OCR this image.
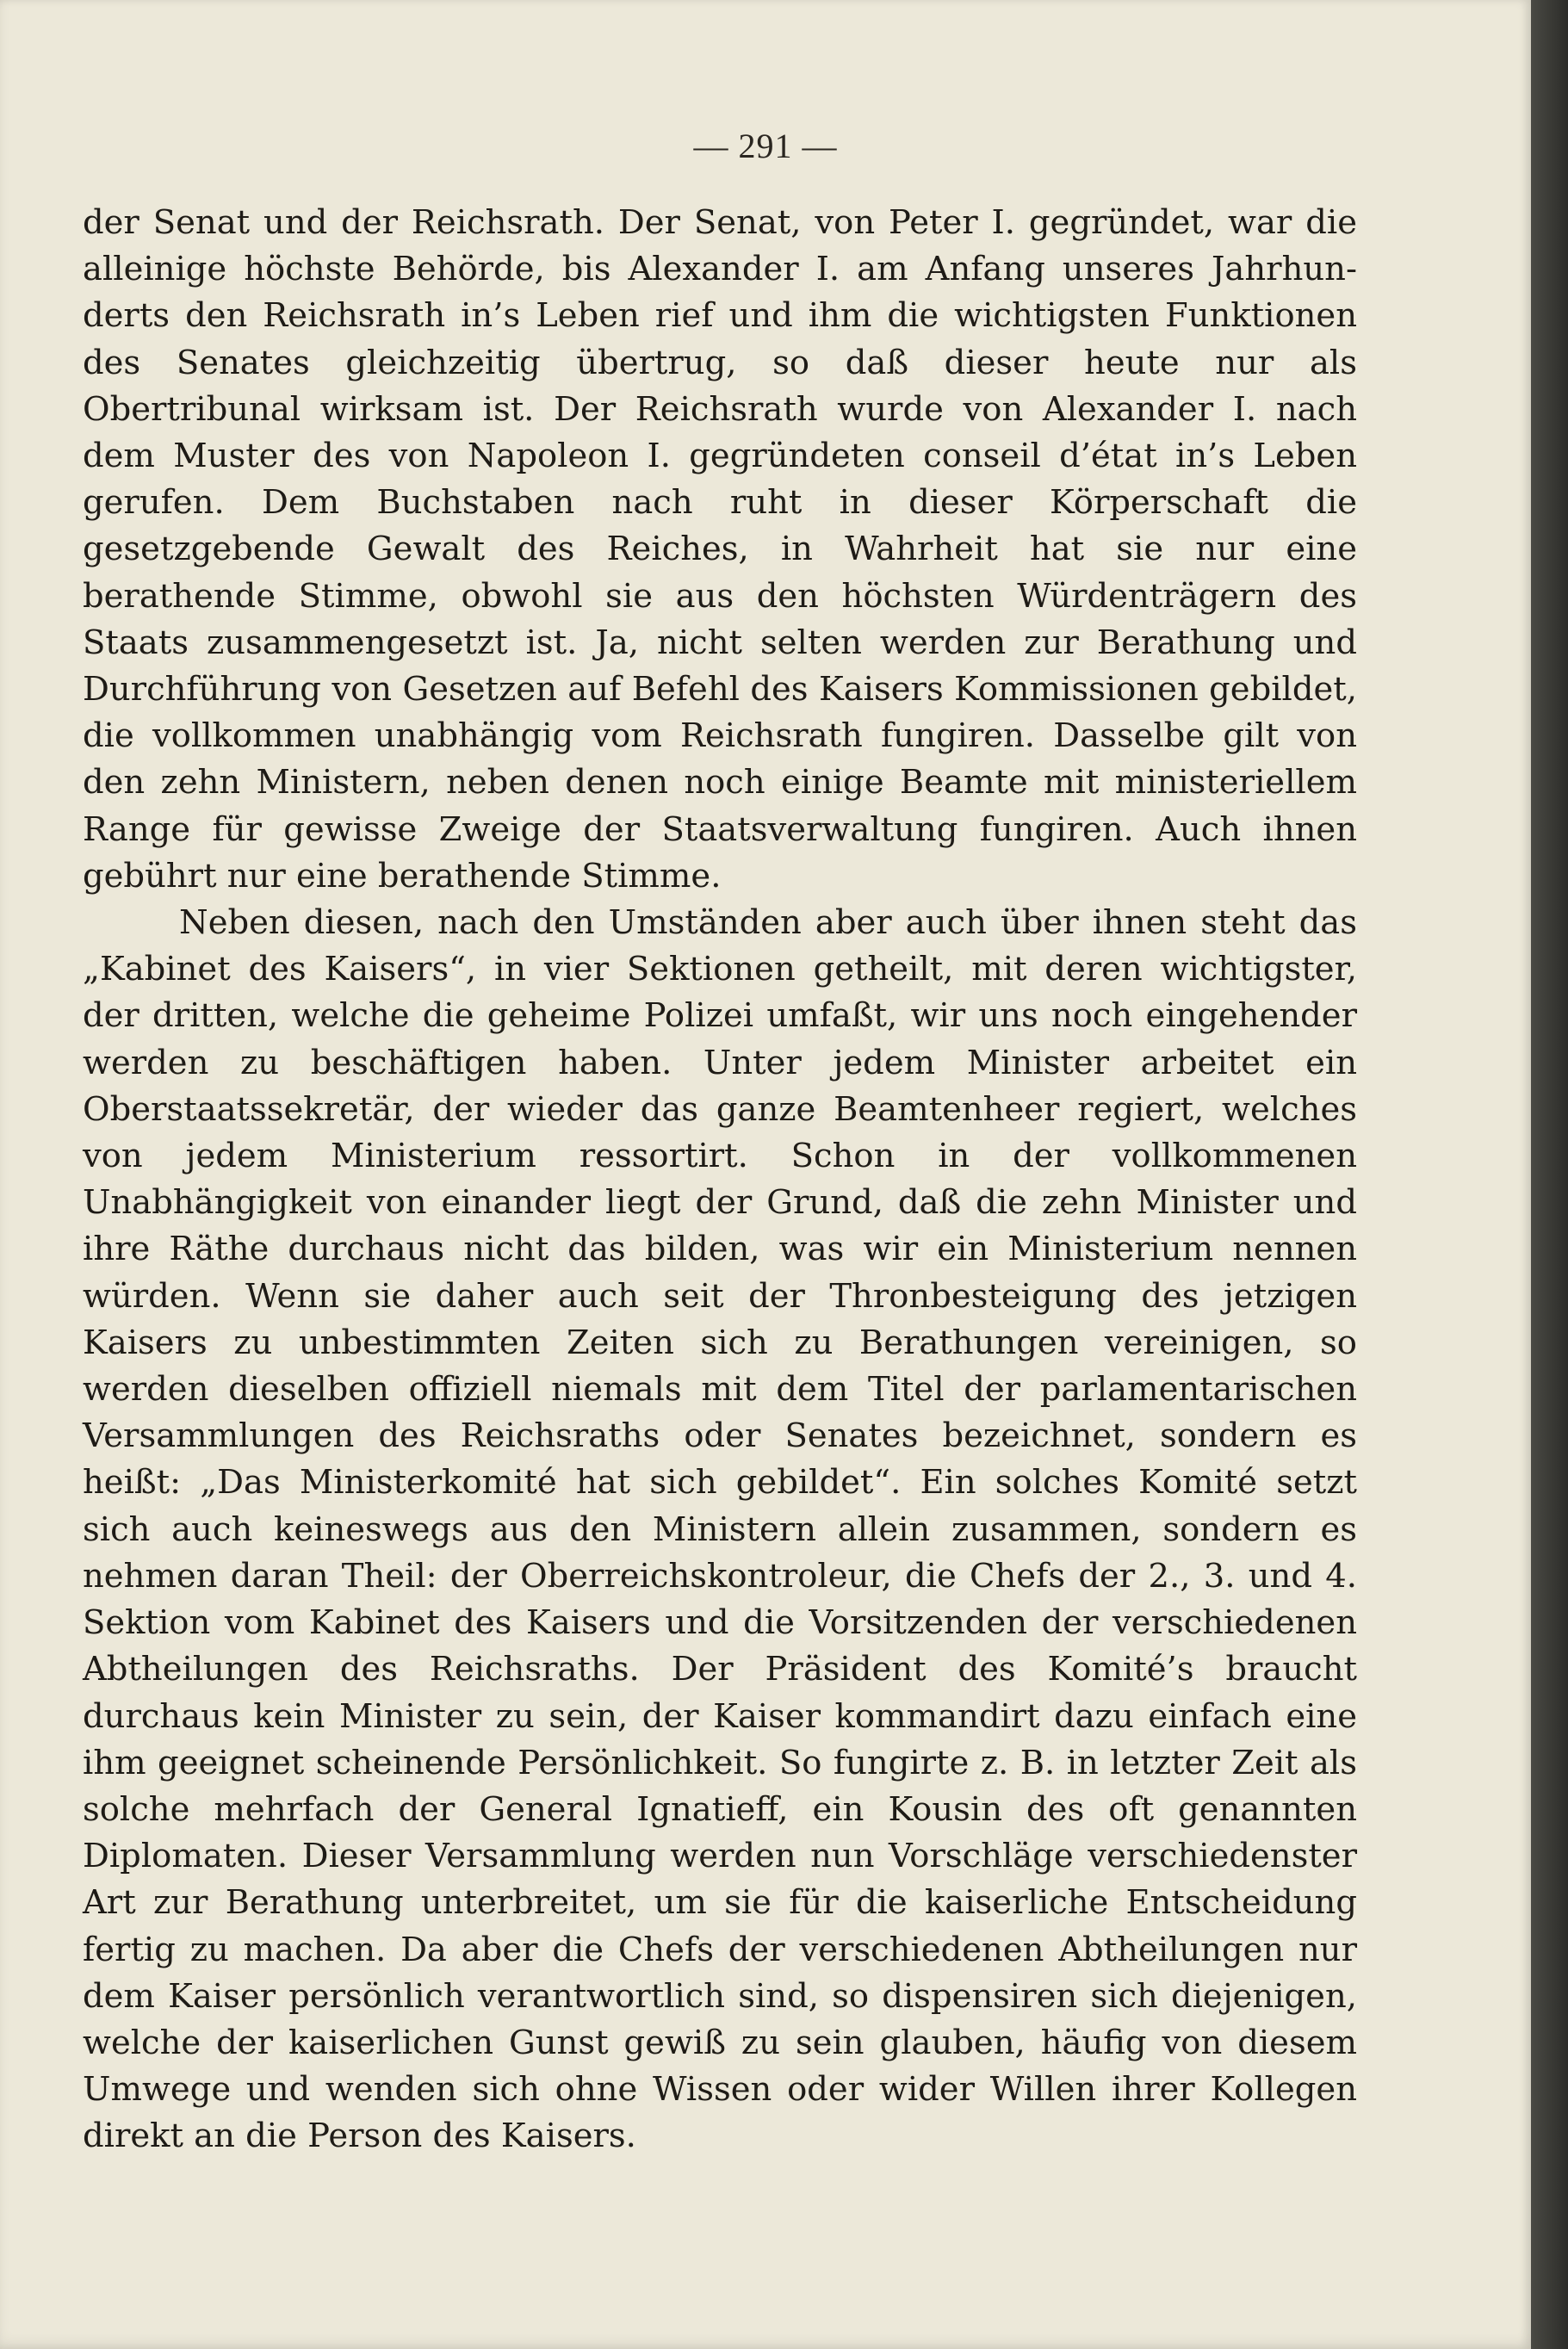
— 291 —

der Senat und der Reichsrath. Der Senat, von Peter I. gegründet, war die alleinige höchste Behörde, bis Alexander I. am Anfang unseres Jahrhunderts den Reichsrath in’s Leben rief und ihm die wichtigsten Funktionen des Senates gleichzeitig übertrug, so daß dieser heute nur als Obertribunal wirksam ist. Der Reichsrath wurde von Alexander I. nach dem Muster des von Napoleon I. gegründeten conseil d’état in’s Leben gerufen. Dem Buchstaben nach ruht in dieser Körperschaft die gesetzgebende Gewalt des Reiches, in Wahrheit hat sie nur eine berathende Stimme, obwohl sie aus den höchsten Würdenträgern des Staats zusammengesetzt ist. Ja, nicht selten werden zur Berathung und Durchführung von Gesetzen auf Befehl des Kaisers Kommissionen gebildet, die vollkommen unabhängig vom Reichsrath fungiren. Dasselbe gilt von den zehn Ministern, neben denen noch einige Beamte mit ministeriellem Range für gewisse Zweige der Staatsverwaltung fungiren. Auch ihnen gebührt nur eine berathende Stimme.

Neben diesen, nach den Umständen aber auch über ihnen steht das „Kabinet des Kaisers“, in vier Sektionen getheilt, mit deren wichtigster, der dritten, welche die geheime Polizei umfaßt, wir uns noch eingehender werden zu beschäftigen haben. Unter jedem Minister arbeitet ein Oberstaatssekretär, der wieder das ganze Beamtenheer regiert, welches von jedem Ministerium ressortirt. Schon in der vollkommenen Unabhängigkeit von einander liegt der Grund, daß die zehn Minister und ihre Räthe durchaus nicht das bilden, was wir ein Ministerium nennen würden. Wenn sie daher auch seit der Thronbesteigung des jetzigen Kaisers zu unbestimmten Zeiten sich zu Berathungen vereinigen, so werden dieselben offiziell niemals mit dem Titel der parlamentarischen Versammlungen des Reichsraths oder Senates bezeichnet, sondern es heißt: „Das Ministerkomité hat sich gebildet“. Ein solches Komité setzt sich auch keineswegs aus den Ministern allein zusammen, sondern es nehmen daran Theil: der Oberreichskontroleur, die Chefs der 2., 3. und 4. Sektion vom Kabinet des Kaisers und die Vorsitzenden der verschiedenen Abtheilungen des Reichsraths. Der Präsident des Komité’s braucht durchaus kein Minister zu sein, der Kaiser kommandirt dazu einfach eine ihm geeignet scheinende Persönlichkeit. So fungirte z. B. in letzter Zeit als solche mehrfach der General Ignatieff, ein Kousin des oft genannten Diplomaten. Dieser Versammlung werden nun Vorschläge verschiedenster Art zur Berathung unterbreitet, um sie für die kaiserliche Entscheidung fertig zu machen. Da aber die Chefs der verschiedenen Abtheilungen nur dem Kaiser persönlich verantwortlich sind, so dispensiren sich diejenigen, welche der kaiserlichen Gunst gewiß zu sein glauben, häufig von diesem Umwege und wenden sich ohne Wissen oder wider Willen ihrer Kollegen direkt an die Person des Kaisers.
